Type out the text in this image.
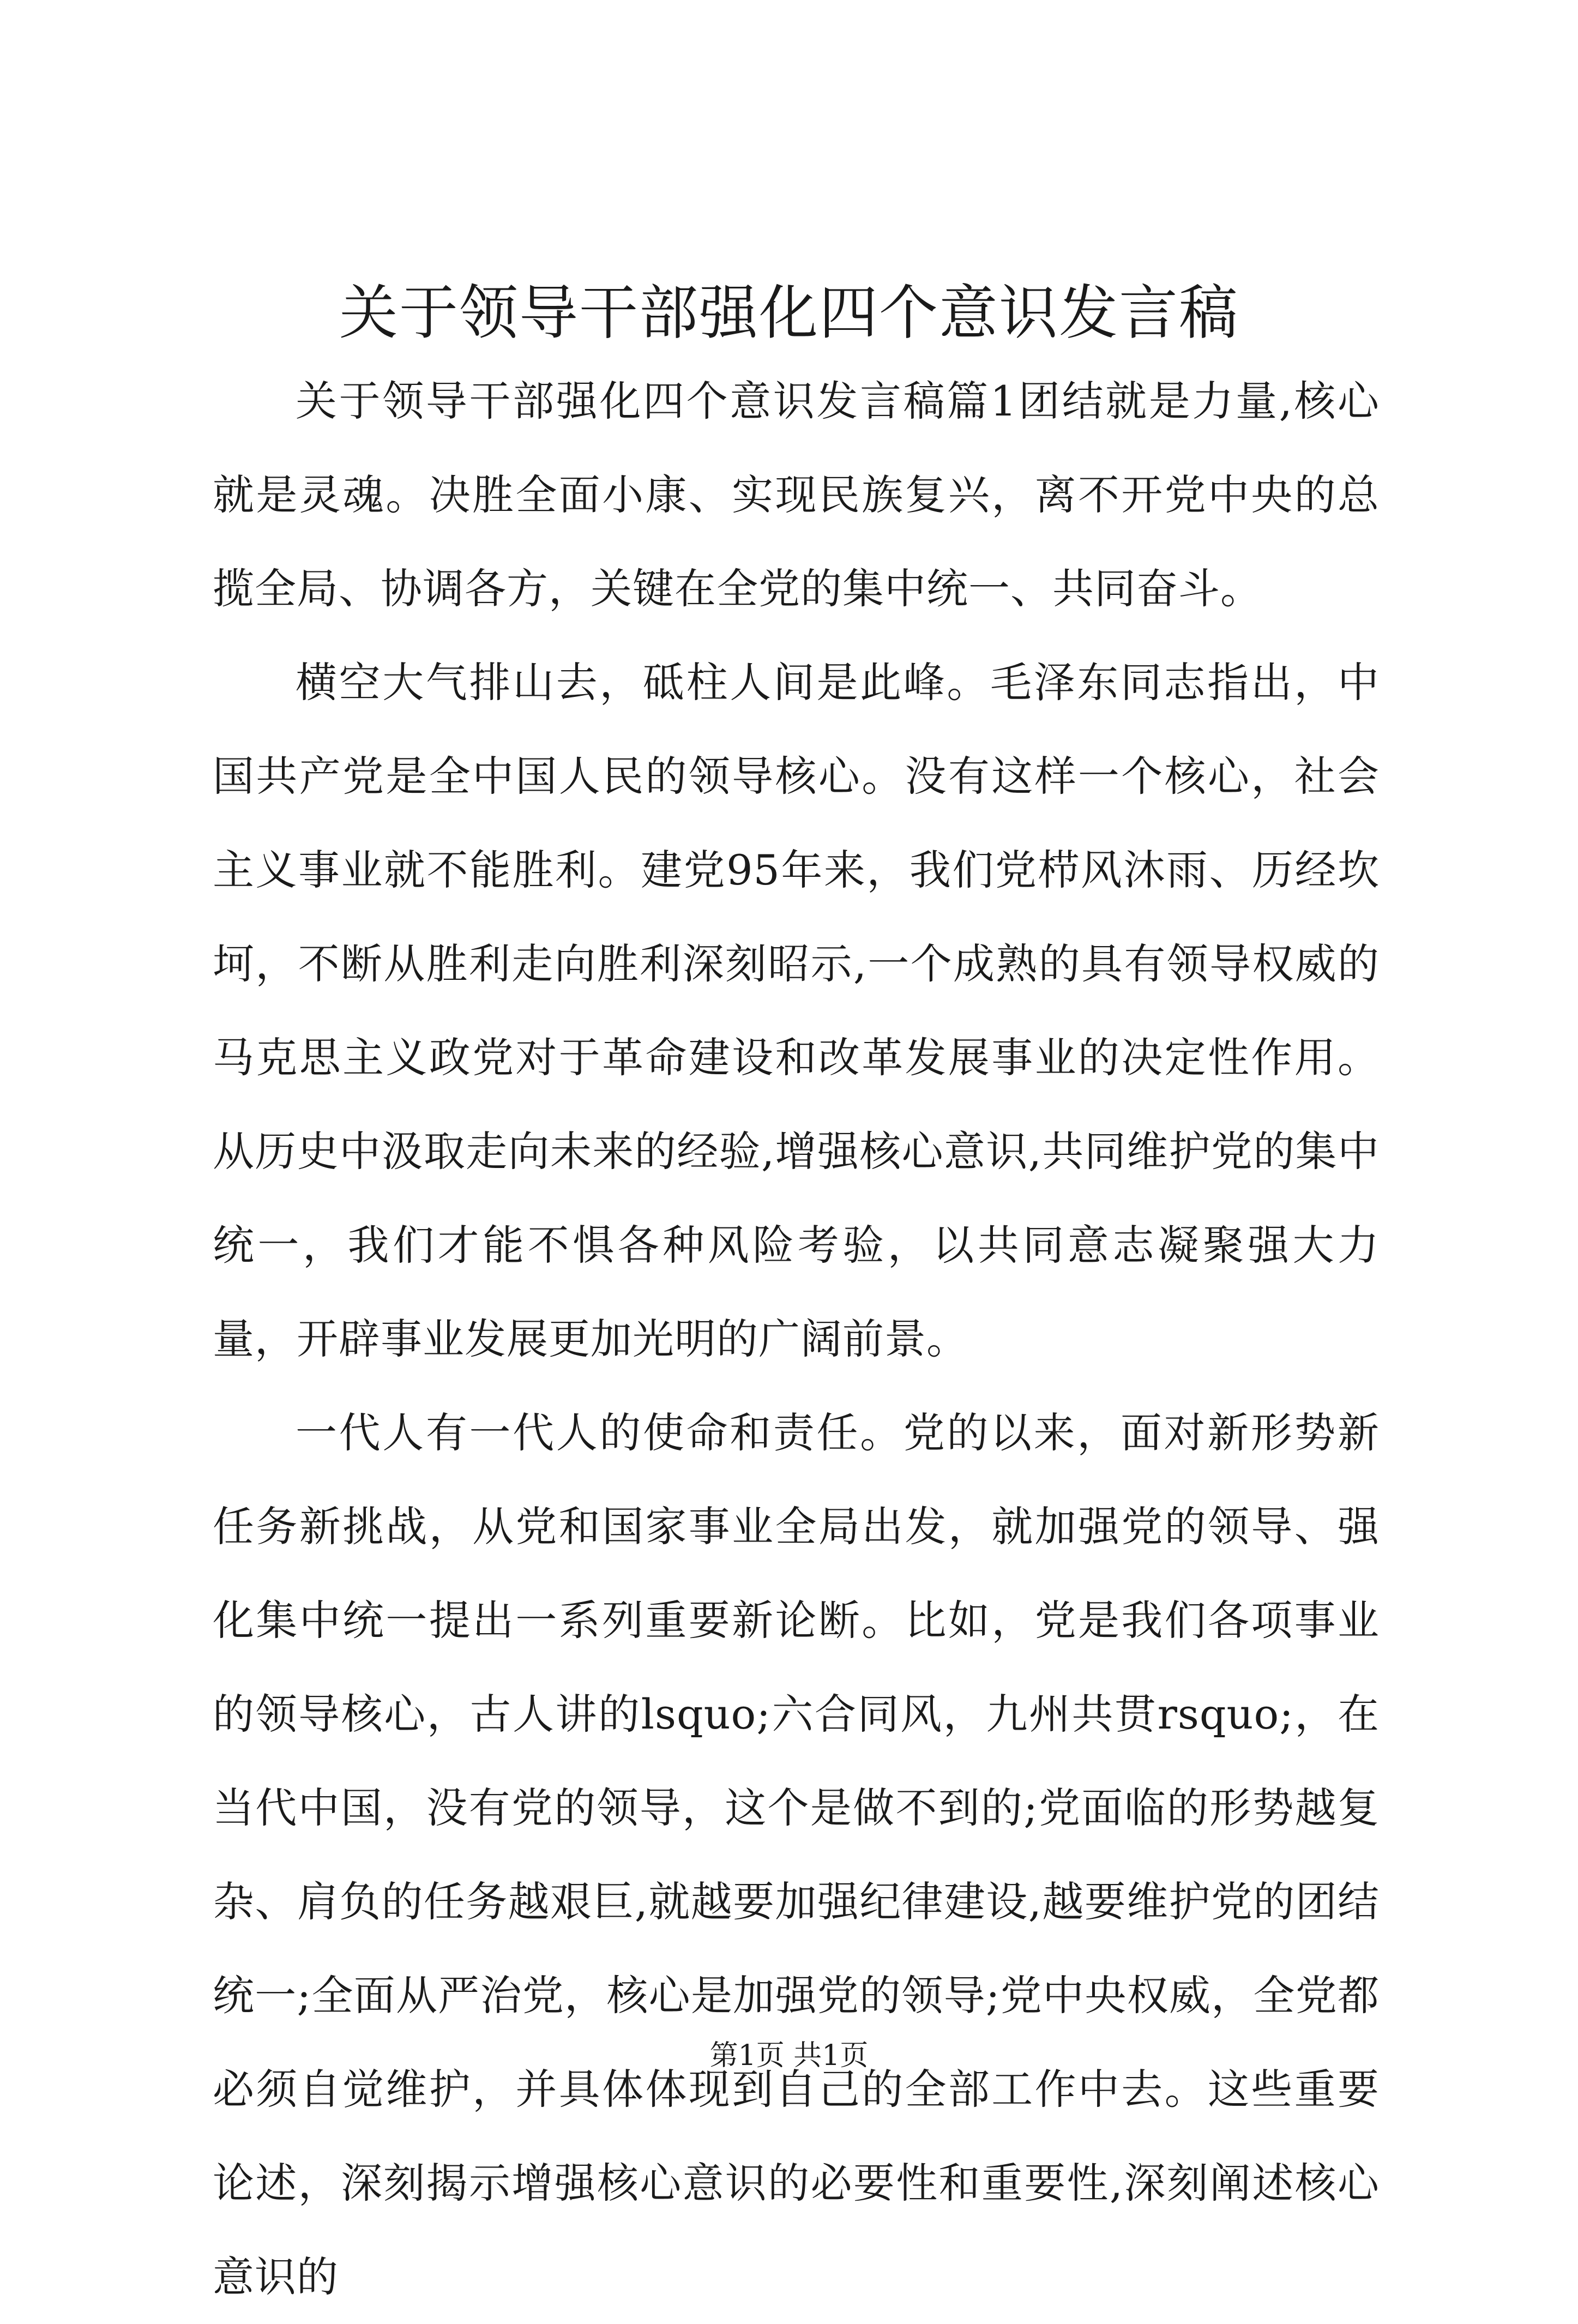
关于领导干部强化四个意识发言稿

关于领导干部强化四个意识发言稿篇1团结就是力量,核心就是灵魂。决胜全面小康、实现民族复兴，离不开党中央的总揽全局、协调各方，关键在全党的集中统一、共同奋斗。

横空大气排山去，砥柱人间是此峰。毛泽东同志指出，中国共产党是全中国人民的领导核心。没有这样一个核心，社会主义事业就不能胜利。建党95年来，我们党栉风沐雨、历经坎坷，不断从胜利走向胜利深刻昭示,一个成熟的具有领导权威的马克思主义政党对于革命建设和改革发展事业的决定性作用。从历史中汲取走向未来的经验,增强核心意识,共同维护党的集中统一，我们才能不惧各种风险考验，以共同意志凝聚强大力量，开辟事业发展更加光明的广阔前景。

一代人有一代人的使命和责任。党的以来，面对新形势新任务新挑战，从党和国家事业全局出发，就加强党的领导、强化集中统一提出一系列重要新论断。比如，党是我们各项事业的领导核心，古人讲的lsquo;六合同风，九州共贯rsquo;，在当代中国，没有党的领导，这个是做不到的;党面临的形势越复杂、肩负的任务越艰巨,就越要加强纪律建设,越要维护党的团结统一;全面从严治党，核心是加强党的领导;党中央权威，全党都必须自觉维护，并具体体现到自己的全部工作中去。这些重要论述，深刻揭示增强核心意识的必要性和重要性,深刻阐述核心意识的

第1页 共1页
